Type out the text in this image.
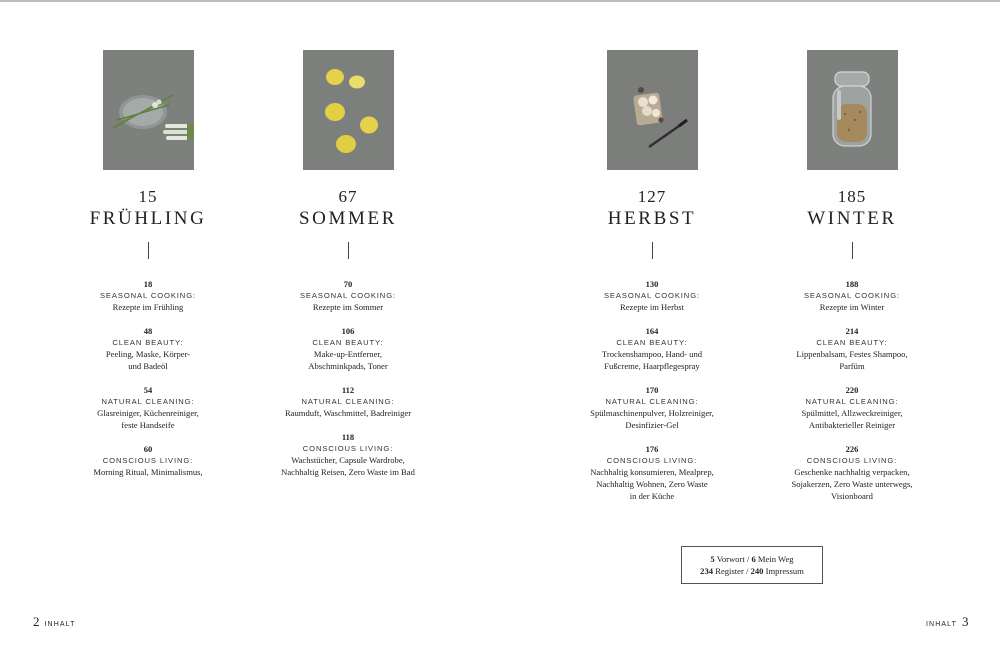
15
FRÜHLING
18
SEASONAL COOKING:
Rezepte im Frühling
48
CLEAN BEAUTY:
Peeling, Maske, Körper-
und Badeöl
54
NATURAL CLEANING:
Glasreiniger, Küchenreiniger,
feste Handseife
60
CONSCIOUS LIVING:
Morning Ritual, Minimalismus,
67
SOMMER
70
SEASONAL COOKING:
Rezepte im Sommer
106
CLEAN BEAUTY:
Make-up-Entferner,
Abschminkpads, Toner
112
NATURAL CLEANING:
Raumduft, Waschmittel, Badreiniger
118
CONSCIOUS LIVING:
Wachstücher, Capsule Wardrobe,
Nachhaltig Reisen, Zero Waste im Bad
127
HERBST
130
SEASONAL COOKING:
Rezepte im Herbst
164
CLEAN BEAUTY:
Trockenshampoo, Hand- und
Fußcreme, Haarpflegespray
170
NATURAL CLEANING:
Spülmaschinenpulver, Holzreiniger,
Desinfizier-Gel
176
CONSCIOUS LIVING:
Nachhaltig konsumieren, Mealprep,
Nachhaltig Wohnen, Zero Waste
in der Küche
185
WINTER
188
SEASONAL COOKING:
Rezepte im Winter
214
CLEAN BEAUTY:
Lippenbalsam, Festes Shampoo,
Parfüm
220
NATURAL CLEANING:
Spülmittel, Allzweckreiniger,
Antibakterieller Reiniger
226
CONSCIOUS LIVING:
Geschenke nachhaltig verpacken,
Sojakerzen, Zero Waste unterwegs,
Visionboard
5 Vorwort / 6 Mein Weg
234 Register / 240 Impressum
2 INHALT	INHALT 3
